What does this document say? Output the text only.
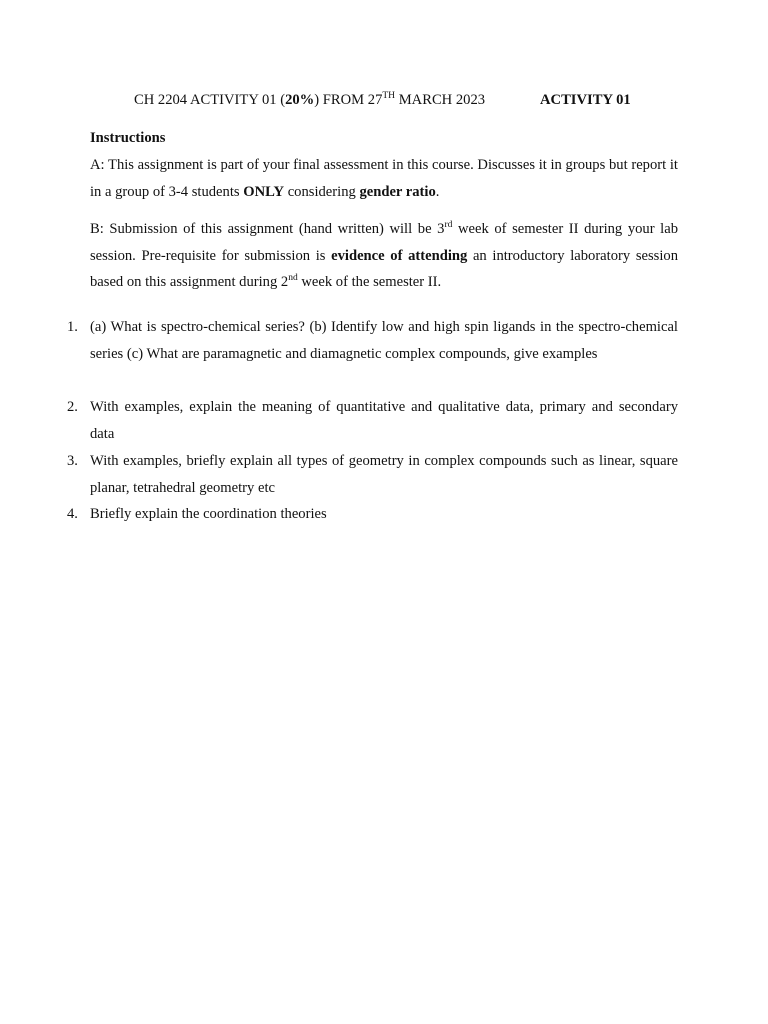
CH 2204 ACTIVITY 01 (20%) FROM 27TH MARCH 2023	ACTIVITY 01
Instructions
A: This assignment is part of your final assessment in this course. Discusses it in groups but report it in a group of 3-4 students ONLY considering gender ratio.
B: Submission of this assignment (hand written) will be 3rd week of semester II during your lab session. Pre-requisite for submission is evidence of attending an introductory laboratory session based on this assignment during 2nd week of the semester II.
1. (a) What is spectro-chemical series? (b) Identify low and high spin ligands in the spectro-chemical series (c) What are paramagnetic and diamagnetic complex compounds, give examples
2. With examples, explain the meaning of quantitative and qualitative data, primary and secondary data
3. With examples, briefly explain all types of geometry in complex compounds such as linear, square planar, tetrahedral geometry etc
4. Briefly explain the coordination theories
